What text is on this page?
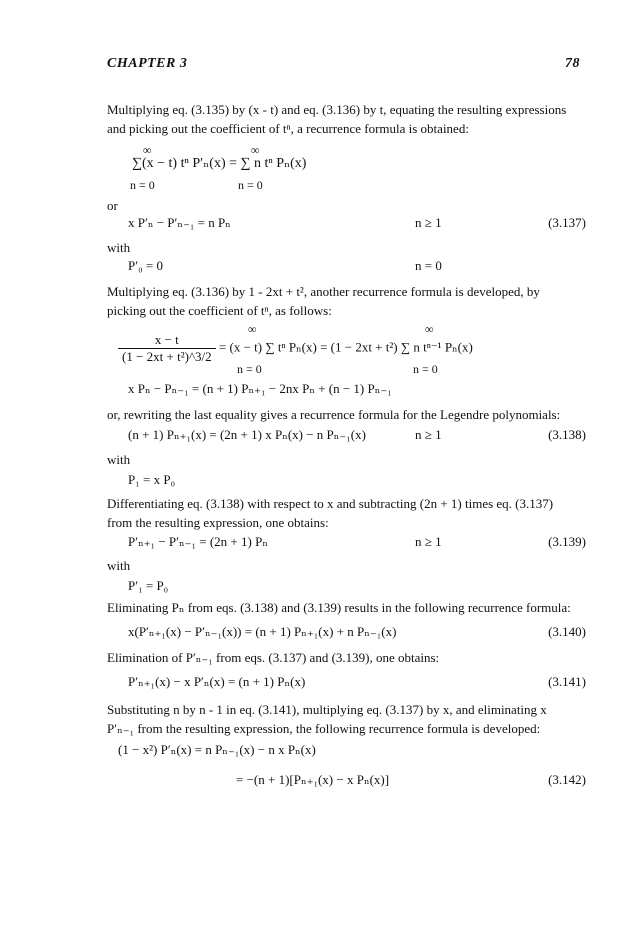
CHAPTER 3	78
Multiplying eq. (3.135) by (x - t) and eq. (3.136) by t, equating the resulting expressions and picking out the coefficient of tⁿ, a recurrence formula is obtained:
∞	∞
∑(x − t) tⁿ P′ₙ(x) = ∑ n tⁿ Pₙ(x)
n = 0	n = 0
or
x P′ₙ − P′ₙ₋₁ = n Pₙ	n ≥ 1	(3.137)
with
P′₀ = 0	n = 0
Multiplying eq. (3.136) by 1 - 2xt + t², another recurrence formula is developed, by picking out the coefficient of tⁿ, as follows:
∞	∞
$\frac{x - t}{\text{(1 − 2xt + t²)\textasciicircum{}3/2}} = (x - t)$ ∑ tⁿ Pₙ(x) = (1 − 2xt + t²) ∑ n tⁿ⁻¹ Pₙ(x)
n = 0	n = 0
x Pₙ − Pₙ₋₁ = (n + 1) Pₙ₊₁ − 2nx Pₙ + (n − 1) Pₙ₋₁
or, rewriting the last equality gives a recurrence formula for the Legendre polynomials:
(n + 1) Pₙ₊₁(x) = (2n + 1) x Pₙ(x) − n Pₙ₋₁(x)	n ≥ 1	(3.138)
with
P₁ = x P₀
Differentiating eq. (3.138) with respect to x and subtracting (2n + 1) times eq. (3.137) from the resulting expression, one obtains:
P′ₙ₊₁ − P′ₙ₋₁ = (2n + 1) Pₙ	n ≥ 1	(3.139)
with
P′₁ = P₀
Eliminating Pₙ from eqs. (3.138) and (3.139) results in the following recurrence formula:
x(P′ₙ₊₁(x) − P′ₙ₋₁(x)) = (n + 1) Pₙ₊₁(x) + n Pₙ₋₁(x)	(3.140)
Elimination of P′ₙ₋₁ from eqs. (3.137) and (3.139), one obtains:
P′ₙ₊₁(x) − x P′ₙ(x) = (n + 1) Pₙ(x)	(3.141)
Substituting n by n - 1 in eq. (3.141), multiplying eq. (3.137) by x, and eliminating x P′ₙ₋₁ from the resulting expression, the following recurrence formula is developed:
(1 − x²) P′ₙ(x) = n Pₙ₋₁(x) − n x Pₙ(x)
= −(n + 1)[Pₙ₊₁(x) − x Pₙ(x)]	(3.142)
